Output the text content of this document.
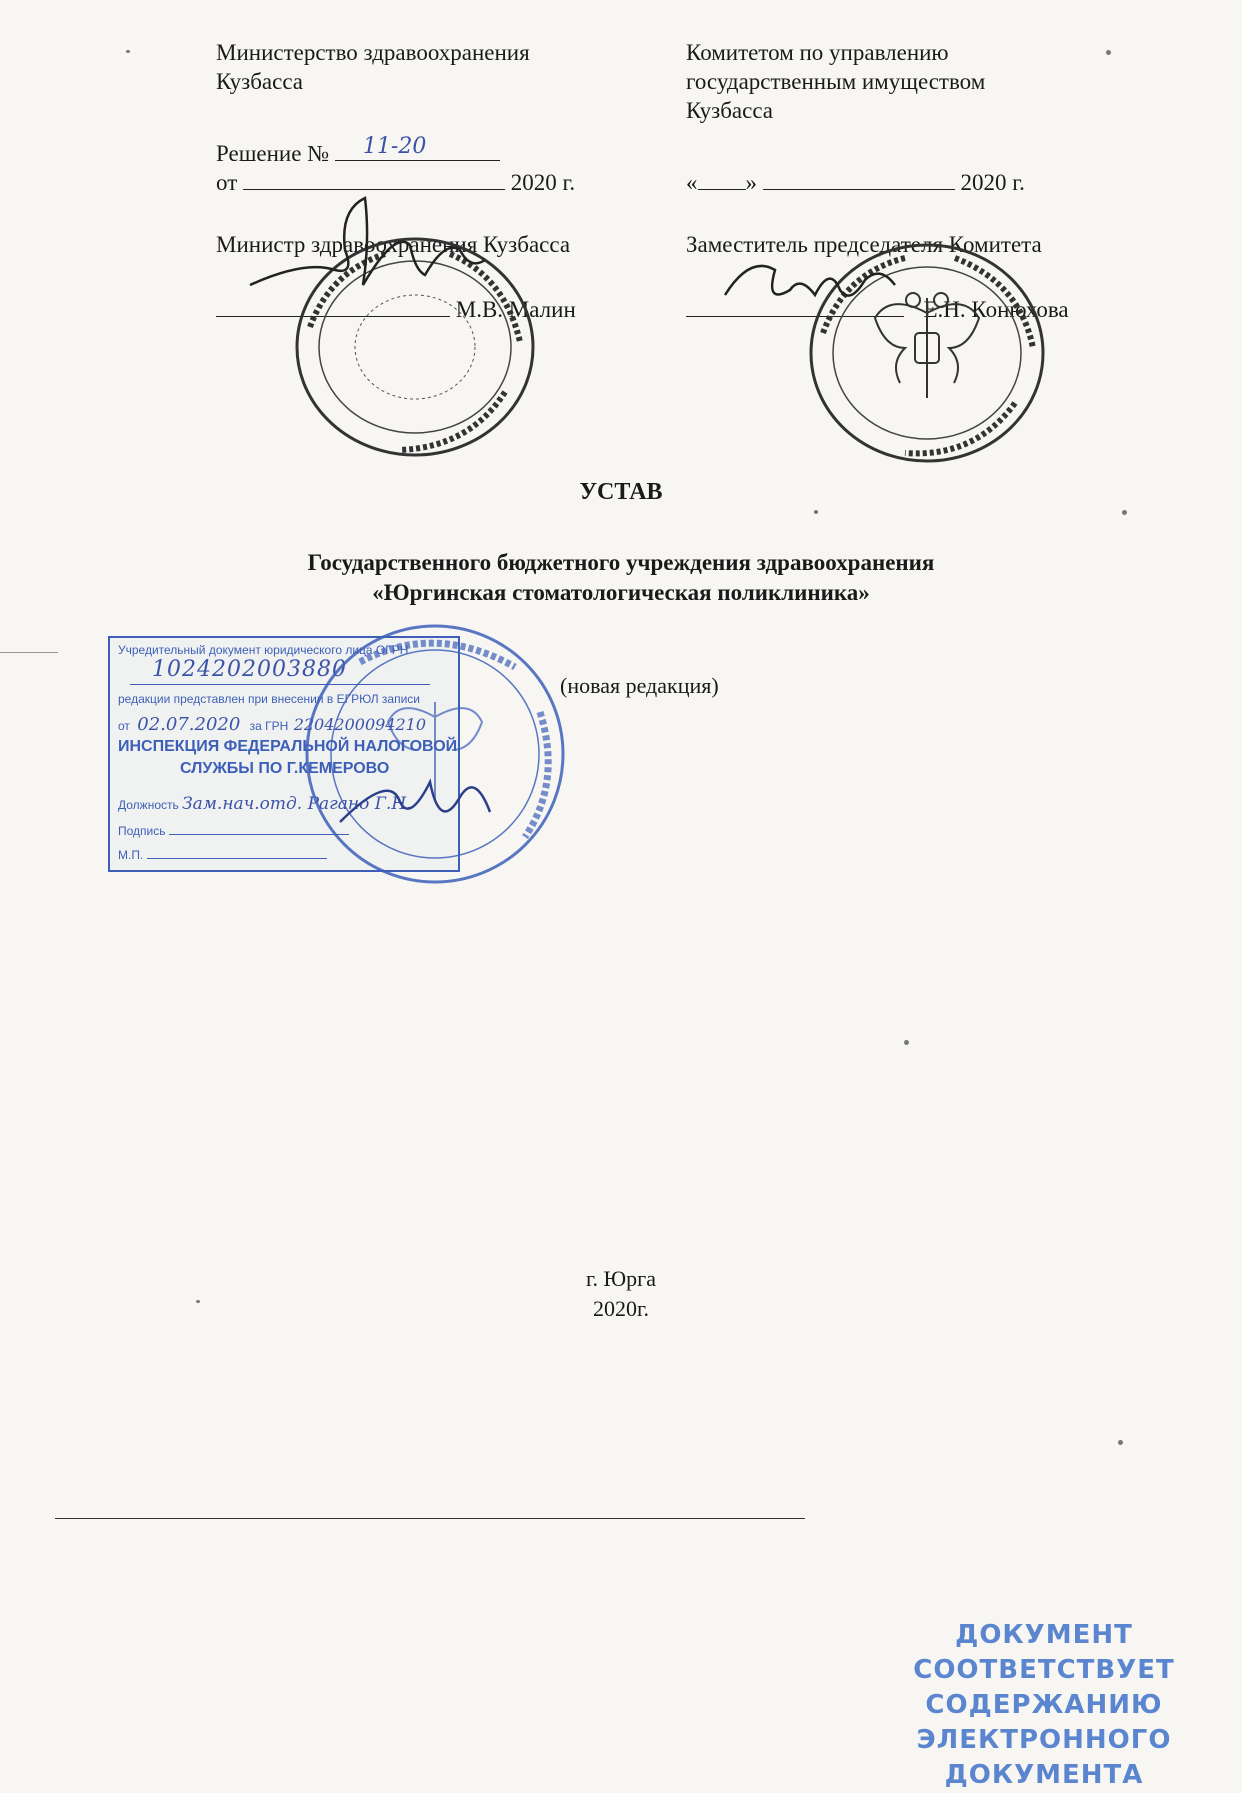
Министерство здравоохранения
Кузбасса
Решение № 11-20
от	2020 г.
Министр здравоохранения Кузбасса
М.В. Малин
Комитетом по управлению
государственным имуществом
Кузбасса
« »	2020 г.
Заместитель председателя Комитета
Е.Н. Конюхова
УСТАВ
Государственного бюджетного учреждения здравоохранения
«Юргинская стоматологическая поликлиника»
(новая редакция)
Учредительный документ юридического лица ОГРН
1024202003880
редакции представлен при внесении в ЕГРЮЛ записи
от 02.07.2020 за ГРН 2204200094210
ИНСПЕКЦИЯ ФЕДЕРАЛЬНОЙ НАЛОГОВОЙ
СЛУЖБЫ ПО Г.КЕМЕРОВО
Должность Зам.нач.отд. Рагано Г.Н.
Подпись
М.П.
г. Юрга
2020г.
ДОКУМЕНТ СООТВЕТСТВУЕТ
СОДЕРЖАНИЮ
ЭЛЕКТРОННОГО ДОКУМЕНТА
